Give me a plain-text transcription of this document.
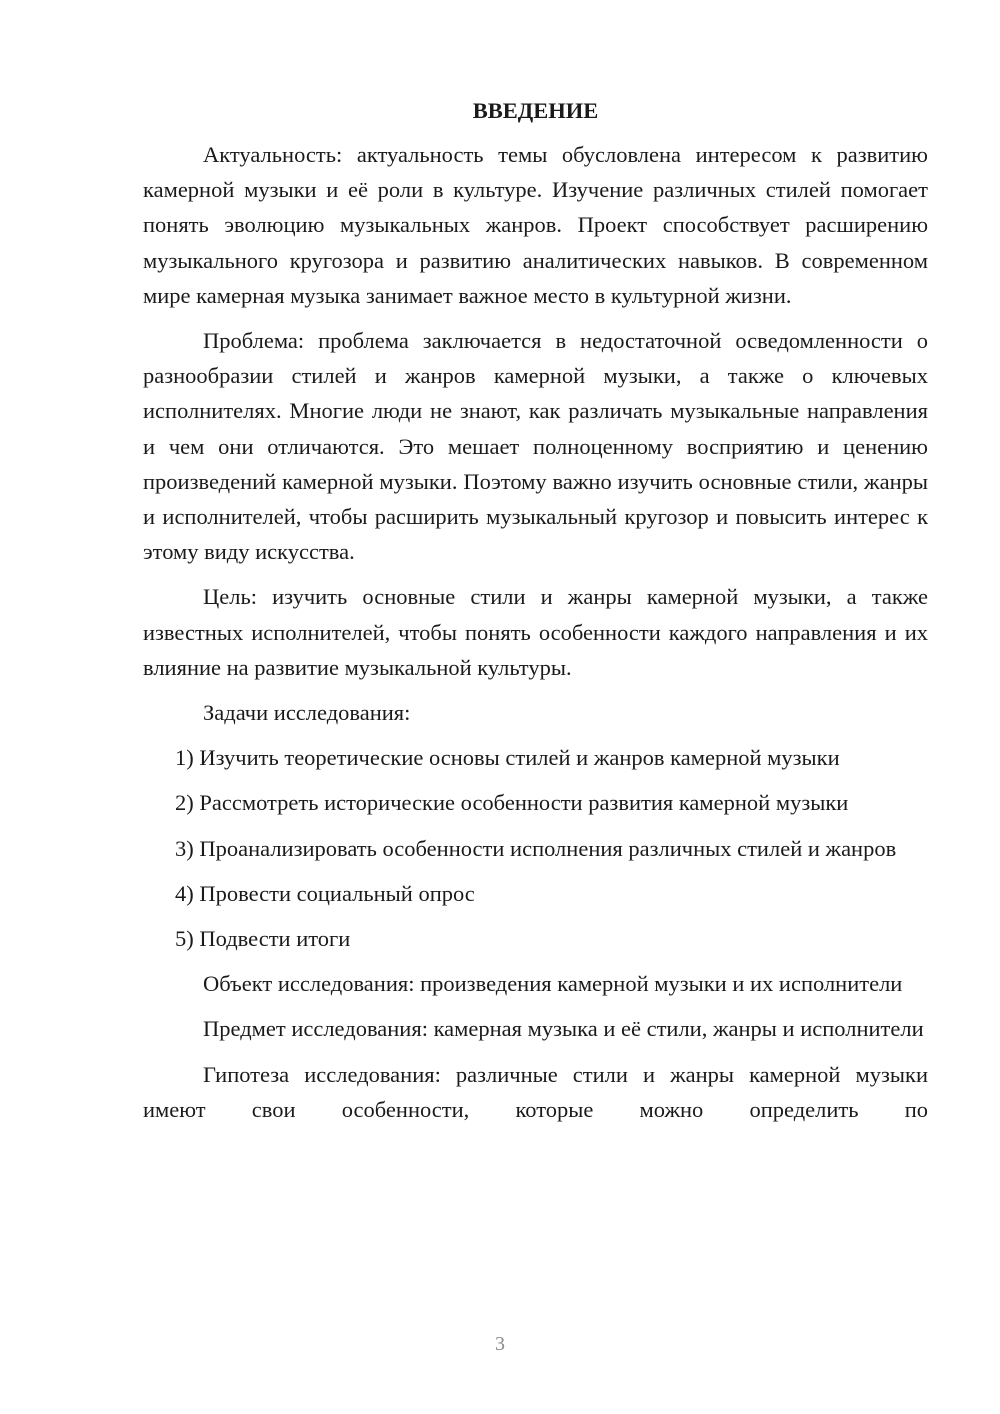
ВВЕДЕНИЕ

Актуальность: актуальность темы обусловлена интересом к развитию камерной музыки и её роли в культуре. Изучение различных стилей помогает понять эволюцию музыкальных жанров. Проект способствует расширению музыкального кругозора и развитию аналитических навыков. В современном мире камерная музыка занимает важное место в культурной жизни.

Проблема: проблема заключается в недостаточной осведомленности о разнообразии стилей и жанров камерной музыки, а также о ключевых исполнителях. Многие люди не знают, как различать музыкальные направления и чем они отличаются. Это мешает полноценному восприятию и ценению произведений камерной музыки. Поэтому важно изучить основные стили, жанры и исполнителей, чтобы расширить музыкальный кругозор и повысить интерес к этому виду искусства.

Цель: изучить основные стили и жанры камерной музыки, а также известных исполнителей, чтобы понять особенности каждого направления и их влияние на развитие музыкальной культуры.

Задачи исследования:

1) Изучить теоретические основы стилей и жанров камерной музыки

2) Рассмотреть исторические особенности развития камерной музыки

3) Проанализировать особенности исполнения различных стилей и жанров

4) Провести социальный опрос

5) Подвести итоги

Объект исследования: произведения камерной музыки и их исполнители

Предмет исследования: камерная музыка и её стили, жанры и исполнители

Гипотеза исследования: различные стили и жанры камерной музыки имеют свои особенности, которые можно определить по

3
